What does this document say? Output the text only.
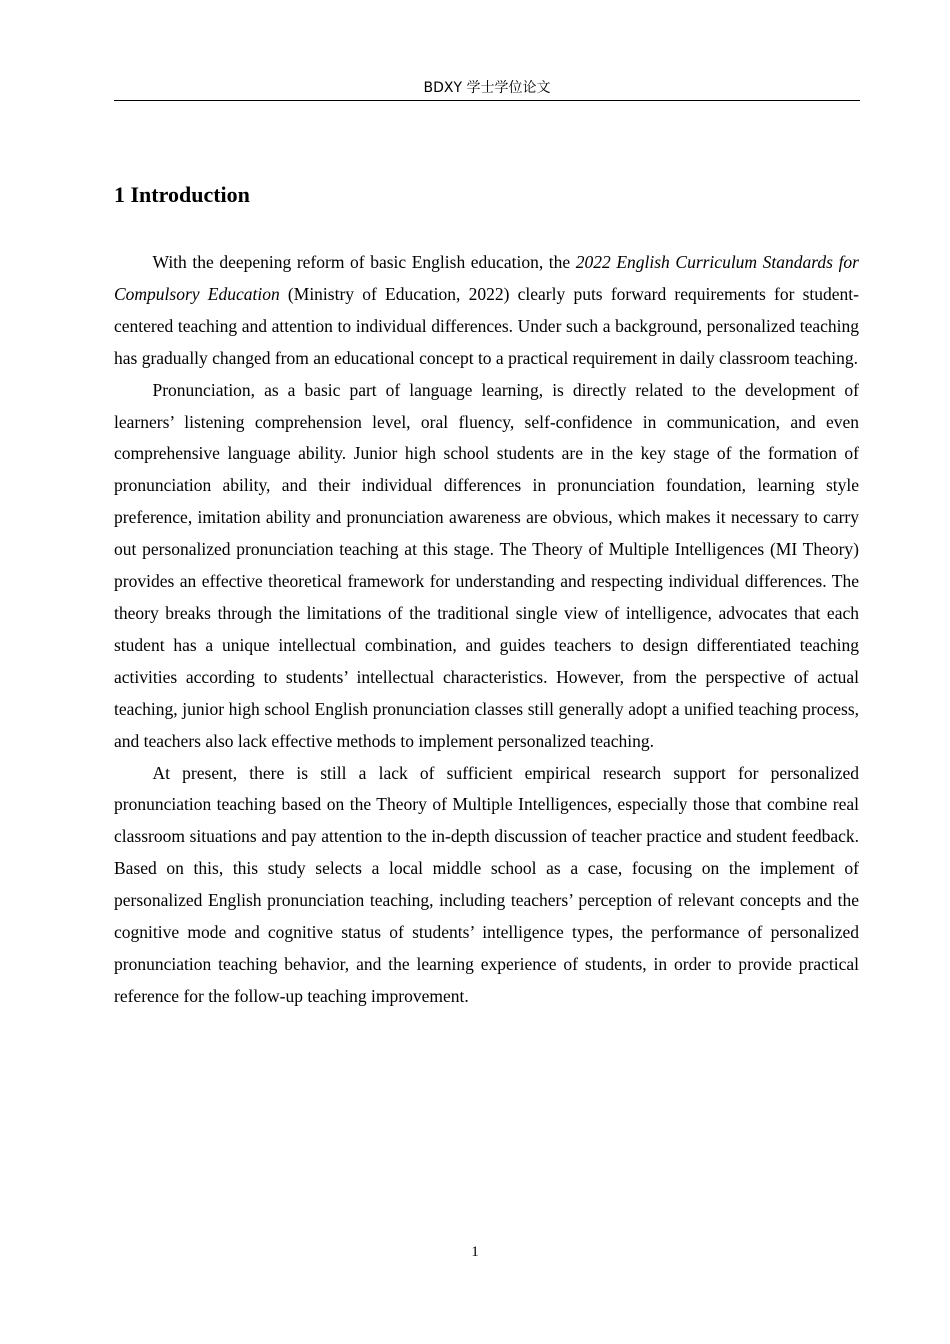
BDXY 学士学位论文
1 Introduction

With the deepening reform of basic English education, the 2022 English Curriculum Standards for Compulsory Education (Ministry of Education, 2022) clearly puts forward requirements for student-centered teaching and attention to individual differences. Under such a background, personalized teaching has gradually changed from an educational concept to a practical requirement in daily classroom teaching.

Pronunciation, as a basic part of language learning, is directly related to the development of learners’ listening comprehension level, oral fluency, self-confidence in communication, and even comprehensive language ability. Junior high school students are in the key stage of the formation of pronunciation ability, and their individual differences in pronunciation foundation, learning style preference, imitation ability and pronunciation awareness are obvious, which makes it necessary to carry out personalized pronunciation teaching at this stage. The Theory of Multiple Intelligences (MI Theory) provides an effective theoretical framework for understanding and respecting individual differences. The theory breaks through the limitations of the traditional single view of intelligence, advocates that each student has a unique intellectual combination, and guides teachers to design differentiated teaching activities according to students’ intellectual characteristics. However, from the perspective of actual teaching, junior high school English pronunciation classes still generally adopt a unified teaching process, and teachers also lack effective methods to implement personalized teaching.

At present, there is still a lack of sufficient empirical research support for personalized pronunciation teaching based on the Theory of Multiple Intelligences, especially those that combine real classroom situations and pay attention to the in-depth discussion of teacher practice and student feedback. Based on this, this study selects a local middle school as a case, focusing on the implement of personalized English pronunciation teaching, including teachers’ perception of relevant concepts and the cognitive mode and cognitive status of students’ intelligence types, the performance of personalized pronunciation teaching behavior, and the learning experience of students, in order to provide practical reference for the follow-up teaching improvement.

1
